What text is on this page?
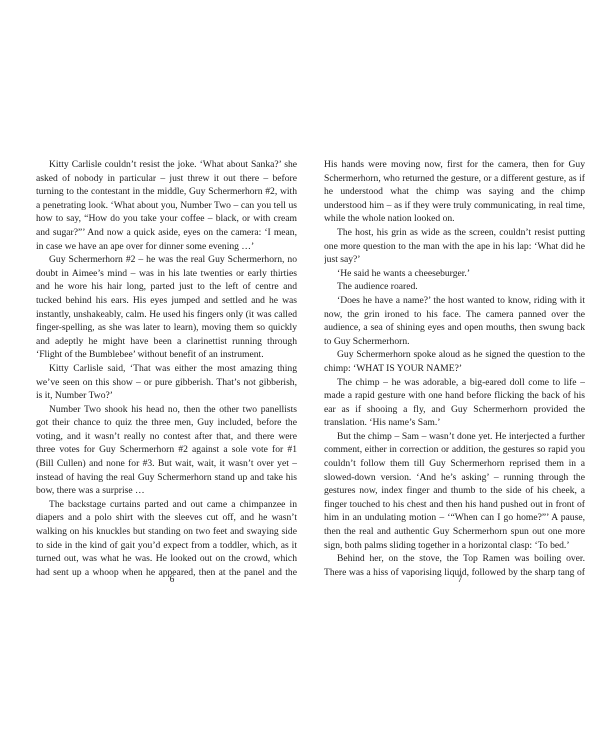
Kitty Carlisle couldn’t resist the joke. ‘What about Sanka?’ she asked of nobody in particular – just threw it out there – before turning to the contestant in the middle, Guy Schermerhorn #2, with a penetrating look. ‘What about you, Number Two – can you tell us how to say, “How do you take your coffee – black, or with cream and sugar?”’ And now a quick aside, eyes on the camera: ‘I mean, in case we have an ape over for dinner some evening …’

Guy Schermerhorn #2 – he was the real Guy Schermerhorn, no doubt in Aimee’s mind – was in his late twenties or early thirties and he wore his hair long, parted just to the left of centre and tucked behind his ears. His eyes jumped and settled and he was instantly, unshakeably, calm. He used his fingers only (it was called finger-spelling, as she was later to learn), moving them so quickly and adeptly he might have been a clarinettist running through ‘Flight of the Bumblebee’ without benefit of an instrument.

Kitty Carlisle said, ‘That was either the most amazing thing we’ve seen on this show – or pure gibberish. That’s not gibberish, is it, Number Two?’

Number Two shook his head no, then the other two panellists got their chance to quiz the three men, Guy included, before the voting, and it wasn’t really no contest after that, and there were three votes for Guy Schermerhorn #2 against a sole vote for #1 (Bill Cullen) and none for #3. But wait, wait, it wasn’t over yet – instead of having the real Guy Schermerhorn stand up and take his bow, there was a surprise …

The backstage curtains parted and out came a chimpanzee in diapers and a polo shirt with the sleeves cut off, and he wasn’t walking on his knuckles but standing on two feet and swaying side to side in the kind of gait you’d expect from a toddler, which, as it turned out, was what he was. He looked out on the crowd, which had sent up a whoop when he appeared, then at the panel and the

6

His hands were moving now, first for the camera, then for Guy Schermerhorn, who returned the gesture, or a different gesture, as if he understood what the chimp was saying and the chimp understood him – as if they were truly communicating, in real time, while the whole nation looked on.

The host, his grin as wide as the screen, couldn’t resist putting one more question to the man with the ape in his lap: ‘What did he just say?’

‘He said he wants a cheeseburger.’

The audience roared.

‘Does he have a name?’ the host wanted to know, riding with it now, the grin ironed to his face. The camera panned over the audience, a sea of shining eyes and open mouths, then swung back to Guy Schermerhorn.

Guy Schermerhorn spoke aloud as he signed the question to the chimp: ‘WHAT IS YOUR NAME?’

The chimp – he was adorable, a big-eared doll come to life – made a rapid gesture with one hand before flicking the back of his ear as if shooing a fly, and Guy Schermerhorn provided the translation. ‘His name’s Sam.’

But the chimp – Sam – wasn’t done yet. He interjected a further comment, either in correction or addition, the gestures so rapid you couldn’t follow them till Guy Schermerhorn reprised them in a slowed-down version. ‘And he’s asking’ – running through the gestures now, index finger and thumb to the side of his cheek, a finger touched to his chest and then his hand pushed out in front of him in an undulating motion – ‘“When can I go home?”’ A pause, then the real and authentic Guy Schermerhorn spun out one more sign, both palms sliding together in a horizontal clasp: ‘To bed.’

Behind her, on the stove, the Top Ramen was boiling over. There was a hiss of vaporising liquid, followed by the sharp tang of

7
